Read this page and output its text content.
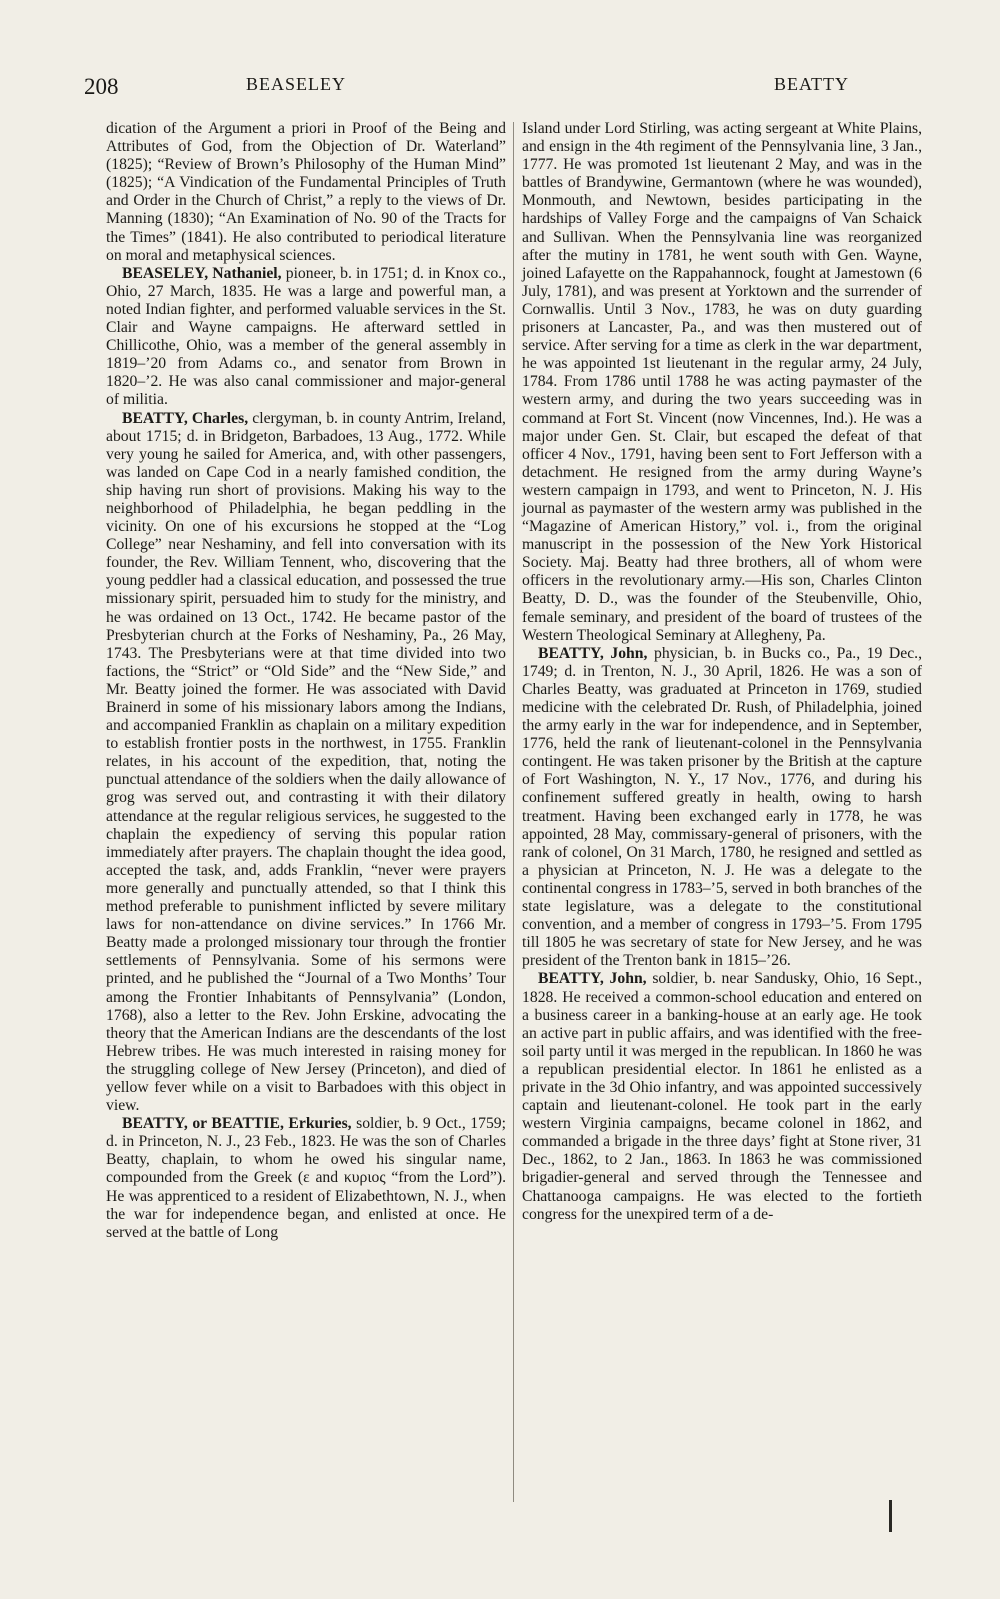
208	BEASELEY	BEATTY

dication of the Argument a priori in Proof of the Being and Attributes of God, from the Objection of Dr. Waterland” (1825); “Review of Brown’s Philosophy of the Human Mind” (1825); “A Vindication of the Fundamental Principles of Truth and Order in the Church of Christ,” a reply to the views of Dr. Manning (1830); “An Examination of No. 90 of the Tracts for the Times” (1841). He also contributed to periodical literature on moral and metaphysical sciences.

BEASELEY, Nathaniel, pioneer, b. in 1751; d. in Knox co., Ohio, 27 March, 1835. He was a large and powerful man, a noted Indian fighter, and performed valuable services in the St. Clair and Wayne campaigns. He afterward settled in Chillicothe, Ohio, was a member of the general assembly in 1819–’20 from Adams co., and senator from Brown in 1820–’2. He was also canal commissioner and major-general of militia.

BEATTY, Charles, clergyman, b. in county Antrim, Ireland, about 1715; d. in Bridgeton, Barbadoes, 13 Aug., 1772. While very young he sailed for America, and, with other passengers, was landed on Cape Cod in a nearly famished condition, the ship having run short of provisions. Making his way to the neighborhood of Philadelphia, he began peddling in the vicinity. On one of his excursions he stopped at the “Log College” near Neshaminy, and fell into conversation with its founder, the Rev. William Tennent, who, discovering that the young peddler had a classical education, and possessed the true missionary spirit, persuaded him to study for the ministry, and he was ordained on 13 Oct., 1742. He became pastor of the Presbyterian church at the Forks of Neshaminy, Pa., 26 May, 1743. The Presbyterians were at that time divided into two factions, the “Strict” or “Old Side” and the “New Side,” and Mr. Beatty joined the former. He was associated with David Brainerd in some of his missionary labors among the Indians, and accompanied Franklin as chaplain on a military expedition to establish frontier posts in the northwest, in 1755. Franklin relates, in his account of the expedition, that, noting the punctual attendance of the soldiers when the daily allowance of grog was served out, and contrasting it with their dilatory attendance at the regular religious services, he suggested to the chaplain the expediency of serving this popular ration immediately after prayers. The chaplain thought the idea good, accepted the task, and, adds Franklin, “never were prayers more generally and punctually attended, so that I think this method preferable to punishment inflicted by severe military laws for non-attendance on divine services.” In 1766 Mr. Beatty made a prolonged missionary tour through the frontier settlements of Pennsylvania. Some of his sermons were printed, and he published the “Journal of a Two Months’ Tour among the Frontier Inhabitants of Pennsylvania” (London, 1768), also a letter to the Rev. John Erskine, advocating the theory that the American Indians are the descendants of the lost Hebrew tribes. He was much interested in raising money for the struggling college of New Jersey (Princeton), and died of yellow fever while on a visit to Barbadoes with this object in view.

BEATTY, or BEATTIE, Erkuries, soldier, b. 9 Oct., 1759; d. in Princeton, N. J., 23 Feb., 1823. He was the son of Charles Beatty, chaplain, to whom he owed his singular name, compounded from the Greek (ε and κυριος “from the Lord”). He was apprenticed to a resident of Elizabethtown, N. J., when the war for independence began, and enlisted at once. He served at the battle of Long

Island under Lord Stirling, was acting sergeant at White Plains, and ensign in the 4th regiment of the Pennsylvania line, 3 Jan., 1777. He was promoted 1st lieutenant 2 May, and was in the battles of Brandywine, Germantown (where he was wounded), Monmouth, and Newtown, besides participating in the hardships of Valley Forge and the campaigns of Van Schaick and Sullivan. When the Pennsylvania line was reorganized after the mutiny in 1781, he went south with Gen. Wayne, joined Lafayette on the Rappahannock, fought at Jamestown (6 July, 1781), and was present at Yorktown and the surrender of Cornwallis. Until 3 Nov., 1783, he was on duty guarding prisoners at Lancaster, Pa., and was then mustered out of service. After serving for a time as clerk in the war department, he was appointed 1st lieutenant in the regular army, 24 July, 1784. From 1786 until 1788 he was acting paymaster of the western army, and during the two years succeeding was in command at Fort St. Vincent (now Vincennes, Ind.). He was a major under Gen. St. Clair, but escaped the defeat of that officer 4 Nov., 1791, having been sent to Fort Jefferson with a detachment. He resigned from the army during Wayne’s western campaign in 1793, and went to Princeton, N. J. His journal as paymaster of the western army was published in the “Magazine of American History,” vol. i., from the original manuscript in the possession of the New York Historical Society. Maj. Beatty had three brothers, all of whom were officers in the revolutionary army.—His son, Charles Clinton Beatty, D. D., was the founder of the Steubenville, Ohio, female seminary, and president of the board of trustees of the Western Theological Seminary at Allegheny, Pa.

BEATTY, John, physician, b. in Bucks co., Pa., 19 Dec., 1749; d. in Trenton, N. J., 30 April, 1826. He was a son of Charles Beatty, was graduated at Princeton in 1769, studied medicine with the celebrated Dr. Rush, of Philadelphia, joined the army early in the war for independence, and in September, 1776, held the rank of lieutenant-colonel in the Pennsylvania contingent. He was taken prisoner by the British at the capture of Fort Washington, N. Y., 17 Nov., 1776, and during his confinement suffered greatly in health, owing to harsh treatment. Having been exchanged early in 1778, he was appointed, 28 May, commissary-general of prisoners, with the rank of colonel, On 31 March, 1780, he resigned and settled as a physician at Princeton, N. J. He was a delegate to the continental congress in 1783–’5, served in both branches of the state legislature, was a delegate to the constitutional convention, and a member of congress in 1793–’5. From 1795 till 1805 he was secretary of state for New Jersey, and he was president of the Trenton bank in 1815–’26.

BEATTY, John, soldier, b. near Sandusky, Ohio, 16 Sept., 1828. He received a common-school education and entered on a business career in a banking-house at an early age. He took an active part in public affairs, and was identified with the free-soil party until it was merged in the republican. In 1860 he was a republican presidential elector. In 1861 he enlisted as a private in the 3d Ohio infantry, and was appointed successively captain and lieutenant-colonel. He took part in the early western Virginia campaigns, became colonel in 1862, and commanded a brigade in the three days’ fight at Stone river, 31 Dec., 1862, to 2 Jan., 1863. In 1863 he was commissioned brigadier-general and served through the Tennessee and Chattanooga campaigns. He was elected to the fortieth congress for the unexpired term of a de-
